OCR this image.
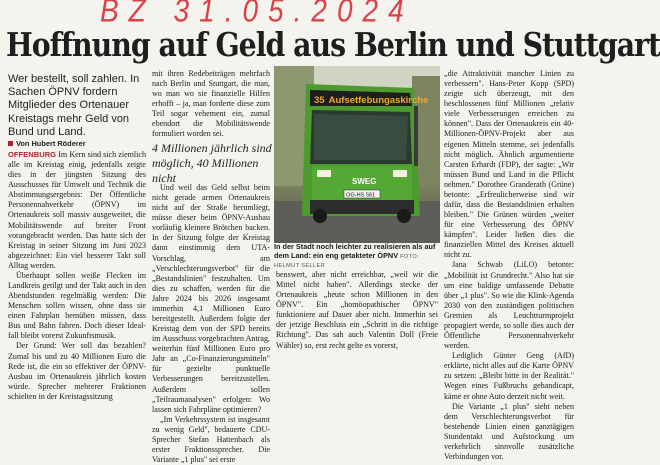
BZ 31.05.2024
Hoffnung auf Geld aus Berlin und Stuttgart
Wer bestellt, soll zahlen. In Sachen ÖPNV fordern Mitglieder des Ortenauer Kreistags mehr Geld von Bund und Land.
Von Hubert Röderer

OFFENBURG Im Kern sind sich ziemlich alle im Kreistag einig, jedenfalls zeigte dies in der jüngsten Sitzung des Ausschusses für Umwelt und Technik die Abstimmungsergebnis: Der Öffentliche Personennahverkehr (ÖPNV) im Ortenaukreis soll massiv ausgeweitet, die Mobilitätswende auf breiter Front vorangebracht werden. Das hatte sich der Kreistag in seiner Sitzung im Juni 2023 abgezeichnet: Ein viel besserer Takt soll Alltag werden.

Überhaupt sollen weiße Flecken im Landkreis getilgt und der Takt auch in den Abendstunden regelmäßig werden: Die Menschen sollen wissen, ohne dass sie einen Fahrplan bemühen müssen, dass Bus und Bahn fahren. Doch dieser Ideal-fall bleibt vorerst Zukunftsmusik.

Der Grund: Wer soll das bezahlen? Zumal bis und zu 40 Millionen Euro die Rede ist, die ein so effektiver der ÖPNV-Ausbau im Ortenaukreis jährlich kosten würde. Sprecher mehrerer Fraktionen schielten in der Kreistagssitzung

mit ihren Redebeiträgen mehrfach nach Berlin und Stuttgart, die man, wo man wo sie finanzielle Hilfen erhofft – ja, man forderte diese zum Teil sogar vehement ein, zumal ebendort die Mobilitätswende formuliert worden sei.

4 Millionen jährlich sind möglich, 40 Millionen nicht

Und weil das Geld selbst beim nicht gerade armen Ortenaukreis nicht auf der Straße herumliegt, müsse dieser beim ÖPNV-Ausbau vorläufig kleinere Brötchen backen. In der Sitzung folgte der Kreistag dann einstimmig dem UTA-Vorschlag, am „Verschlechterungsverbot" für die „Bestandslinien" festzuhalten. Um dies zu schaffen, werden für die Jahre 2024 bis 2026 insgesamt immerhin 4,1 Millionen Euro bereitgestellt. Außerdem folgte der Kreistag dem von der SPD bereits im Ausschuss vorgebrachten Antrag, weiterhin fünf Millionen Euro pro Jahr an „Co-Finanzierungsmitteln" für gezielte punktuelle Verbesserungen bereitzustellen. Außerdem sollen „Teilraumanalysen" erfolgen: Wo lassen sich Fahrpläne optimieren?

„Im Verkehrssystem ist insgesamt zu wenig Geld", bedauerte CDU-Sprecher Stefan Hattenbach als erster Fraktionssprecher. Die Variante „1 plus" sei erste

35 Aufsetfebungaskirche
SWEG
OG-HS 561
In der Stadt noch leichter zu realisieren als auf dem Land: ein eng getakteter ÖPNV FOTO: HELMUT SELLER

benswert, aber nicht erreichbar, „weil wir die Mittel nicht haben". Allerdings stecke der Ortenaukreis „heute schon Millionen in den ÖPNV". Ein „homöopathischer ÖPNV" funktioniere auf Dauer aber nicht. Immerhin sei der jetzige Beschluss ein „Schritt in die richtige Richtung". Das sah auch Valentin Doll (Freie Wähler) so, erst recht gelte es vorerst,

„die Attraktivität mancher Linien zu verbessern". Hans-Peter Kopp (SPD) zeigte sich überzeugt, mit den beschlossenen fünf Millionen „relativ viele Verbesserungen erreichen zu können". Dass der Ortenaukreis ein 40-Millionen-ÖPNV-Projekt aber aus eigenen Mitteln stemme, sei jedenfalls nicht möglich. Ähnlich argumentierte Carsten Erhardt (FDP), der sagte: „Wir müssen Bund und Land in die Pflicht nehmen." Dorothee Granderath (Grüne) betonte: „Erfreulicherweise sind wir dafür, dass die Bestandslinien erhalten bleiben." Die Grünen würden „weiter für eine Verbesserung des ÖPNV kämpfen". Leider ließen dies die finanziellen Mittel des Kreises aktuell nicht zu.

Jana Schwab (LiLO) betonte: „Mobilität ist Grundrecht." Also hat sie um eine baldige umfassende Debatte über „1 plus". So wie die Klink-Agenda 2030 von den zuständigen politischen Gremien als Leuchtturmprojekt propagiert werde, so solle dies auch der Öffentliche Personennahverkehr werden.

Lediglich Günter Geng (AfD) erklärte, nicht alles auf die Karte ÖPNV zu setzen: „Bleibt bitte in der Realität." Wegen eines Fußbruchs gehandicapt, käme er ohne Auto derzeit nicht weit.

Die Variante „1 plus" sieht neben dem Verschlechterungsverbot für bestehende Linien einen ganztägigen Stundentakt und Aufstockung um verkehrlich sinnvolle zusätzliche Verbindungen vor.
